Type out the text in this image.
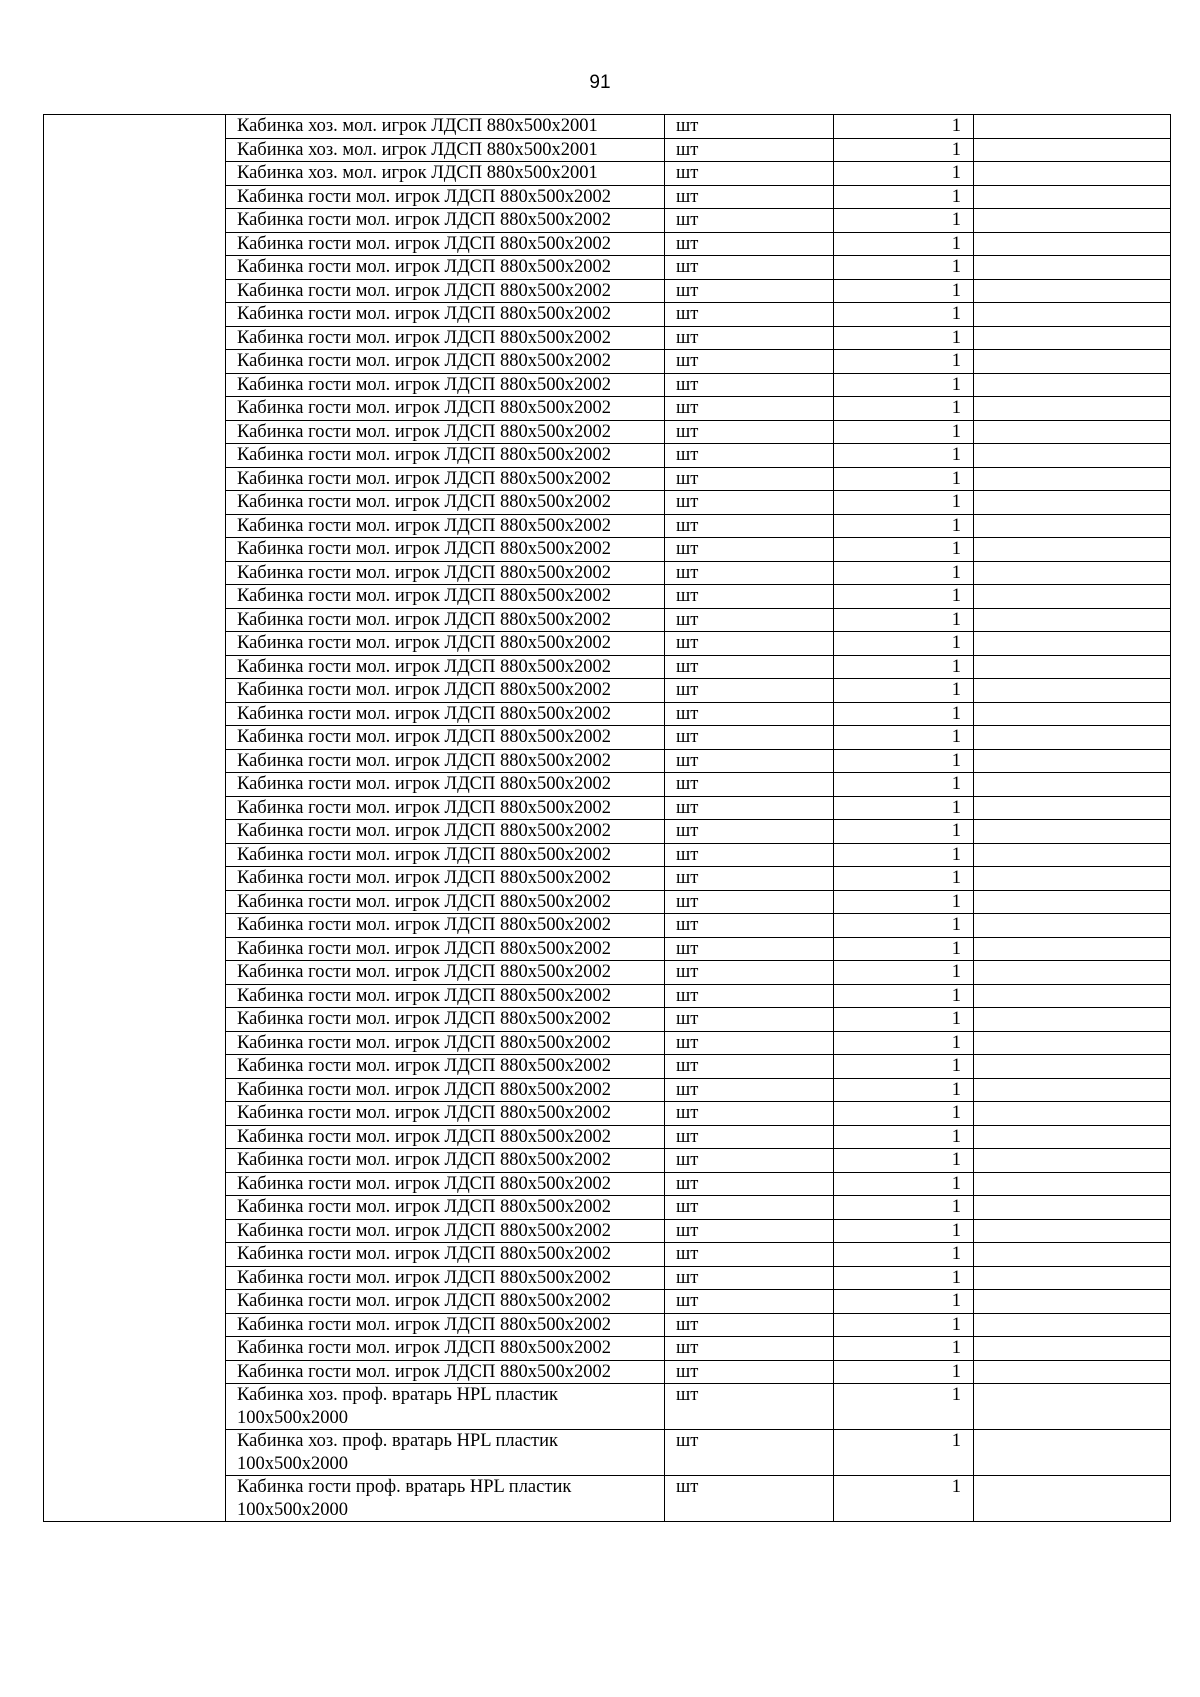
91
	Кабинка хоз. мол. игрок ЛДСП 880х500х2001	шт	1	
	Кабинка хоз. мол. игрок ЛДСП 880х500х2001	шт	1	
	Кабинка хоз. мол. игрок ЛДСП 880х500х2001	шт	1	
	Кабинка гости мол. игрок ЛДСП 880х500х2002	шт	1	
	Кабинка гости мол. игрок ЛДСП 880х500х2002	шт	1	
	Кабинка гости мол. игрок ЛДСП 880х500х2002	шт	1	
	Кабинка гости мол. игрок ЛДСП 880х500х2002	шт	1	
	Кабинка гости мол. игрок ЛДСП 880х500х2002	шт	1	
	Кабинка гости мол. игрок ЛДСП 880х500х2002	шт	1	
	Кабинка гости мол. игрок ЛДСП 880х500х2002	шт	1	
	Кабинка гости мол. игрок ЛДСП 880х500х2002	шт	1	
	Кабинка гости мол. игрок ЛДСП 880х500х2002	шт	1	
	Кабинка гости мол. игрок ЛДСП 880х500х2002	шт	1	
	Кабинка гости мол. игрок ЛДСП 880х500х2002	шт	1	
	Кабинка гости мол. игрок ЛДСП 880х500х2002	шт	1	
	Кабинка гости мол. игрок ЛДСП 880х500х2002	шт	1	
	Кабинка гости мол. игрок ЛДСП 880х500х2002	шт	1	
	Кабинка гости мол. игрок ЛДСП 880х500х2002	шт	1	
	Кабинка гости мол. игрок ЛДСП 880х500х2002	шт	1	
	Кабинка гости мол. игрок ЛДСП 880х500х2002	шт	1	
	Кабинка гости мол. игрок ЛДСП 880х500х2002	шт	1	
	Кабинка гости мол. игрок ЛДСП 880х500х2002	шт	1	
	Кабинка гости мол. игрок ЛДСП 880х500х2002	шт	1	
	Кабинка гости мол. игрок ЛДСП 880х500х2002	шт	1	
	Кабинка гости мол. игрок ЛДСП 880х500х2002	шт	1	
	Кабинка гости мол. игрок ЛДСП 880х500х2002	шт	1	
	Кабинка гости мол. игрок ЛДСП 880х500х2002	шт	1	
	Кабинка гости мол. игрок ЛДСП 880х500х2002	шт	1	
	Кабинка гости мол. игрок ЛДСП 880х500х2002	шт	1	
	Кабинка гости мол. игрок ЛДСП 880х500х2002	шт	1	
	Кабинка гости мол. игрок ЛДСП 880х500х2002	шт	1	
	Кабинка гости мол. игрок ЛДСП 880х500х2002	шт	1	
	Кабинка гости мол. игрок ЛДСП 880х500х2002	шт	1	
	Кабинка гости мол. игрок ЛДСП 880х500х2002	шт	1	
	Кабинка гости мол. игрок ЛДСП 880х500х2002	шт	1	
	Кабинка гости мол. игрок ЛДСП 880х500х2002	шт	1	
	Кабинка гости мол. игрок ЛДСП 880х500х2002	шт	1	
	Кабинка гости мол. игрок ЛДСП 880х500х2002	шт	1	
	Кабинка гости мол. игрок ЛДСП 880х500х2002	шт	1	
	Кабинка гости мол. игрок ЛДСП 880х500х2002	шт	1	
	Кабинка гости мол. игрок ЛДСП 880х500х2002	шт	1	
	Кабинка гости мол. игрок ЛДСП 880х500х2002	шт	1	
	Кабинка гости мол. игрок ЛДСП 880х500х2002	шт	1	
	Кабинка гости мол. игрок ЛДСП 880х500х2002	шт	1	
	Кабинка гости мол. игрок ЛДСП 880х500х2002	шт	1	
	Кабинка гости мол. игрок ЛДСП 880х500х2002	шт	1	
	Кабинка гости мол. игрок ЛДСП 880х500х2002	шт	1	
	Кабинка гости мол. игрок ЛДСП 880х500х2002	шт	1	
	Кабинка гости мол. игрок ЛДСП 880х500х2002	шт	1	
	Кабинка гости мол. игрок ЛДСП 880х500х2002	шт	1	
	Кабинка гости мол. игрок ЛДСП 880х500х2002	шт	1	
	Кабинка гости мол. игрок ЛДСП 880х500х2002	шт	1	
	Кабинка гости мол. игрок ЛДСП 880х500х2002	шт	1	
	Кабинка гости мол. игрок ЛДСП 880х500х2002	шт	1	
	Кабинка хоз. проф. вратарь HPL пластик 100х500х2000	шт	1	
	Кабинка хоз. проф. вратарь HPL пластик 100х500х2000	шт	1	
	Кабинка гости проф. вратарь HPL пластик 100х500х2000	шт	1	
